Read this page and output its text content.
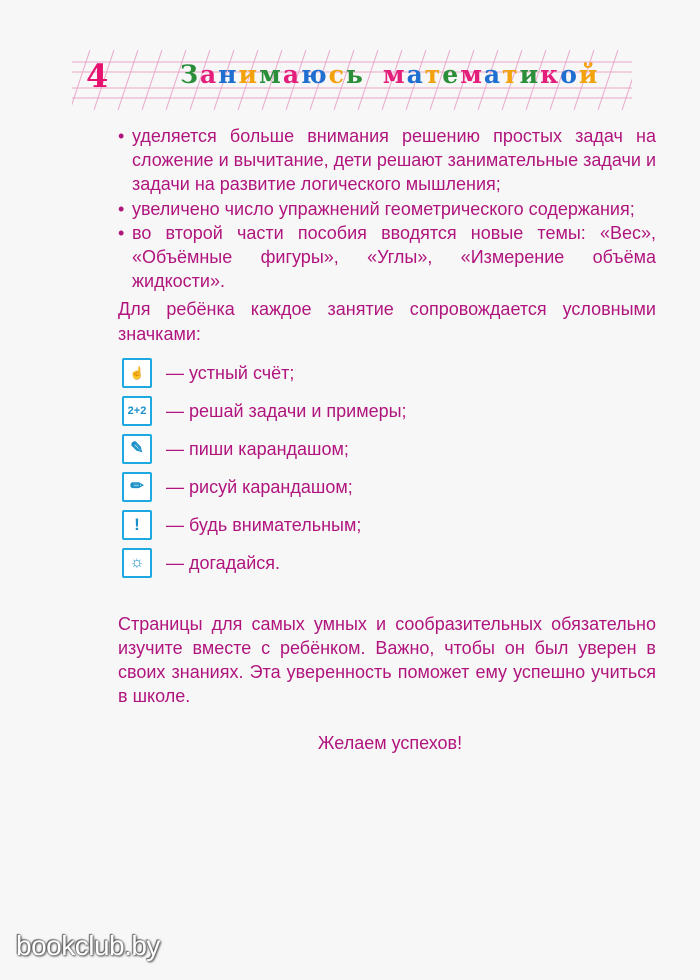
4	Занимаюсь математикой
• уделяется больше внимания решению простых задач на сложение и вычитание, дети решают занимательные задачи и задачи на развитие логического мышления;
• увеличено число упражнений геометрического содержания;
• во второй части пособия вводятся новые темы: «Вес», «Объёмные фигуры», «Углы», «Измерение объёма жидкости».
Для ребёнка каждое занятие сопровождается условными значками:
☝	— устный счёт;
2+2	— решай задачи и примеры;
✎	— пиши карандашом;
✏	— рисуй карандашом;
!	— будь внимательным;
☼	— догадайся.
Страницы для самых умных и сообразительных обязательно изучите вместе с ребёнком. Важно, чтобы он был уверен в своих знаниях. Эта уверенность поможет ему успешно учиться в школе.
Желаем успехов!
bookclub.by
